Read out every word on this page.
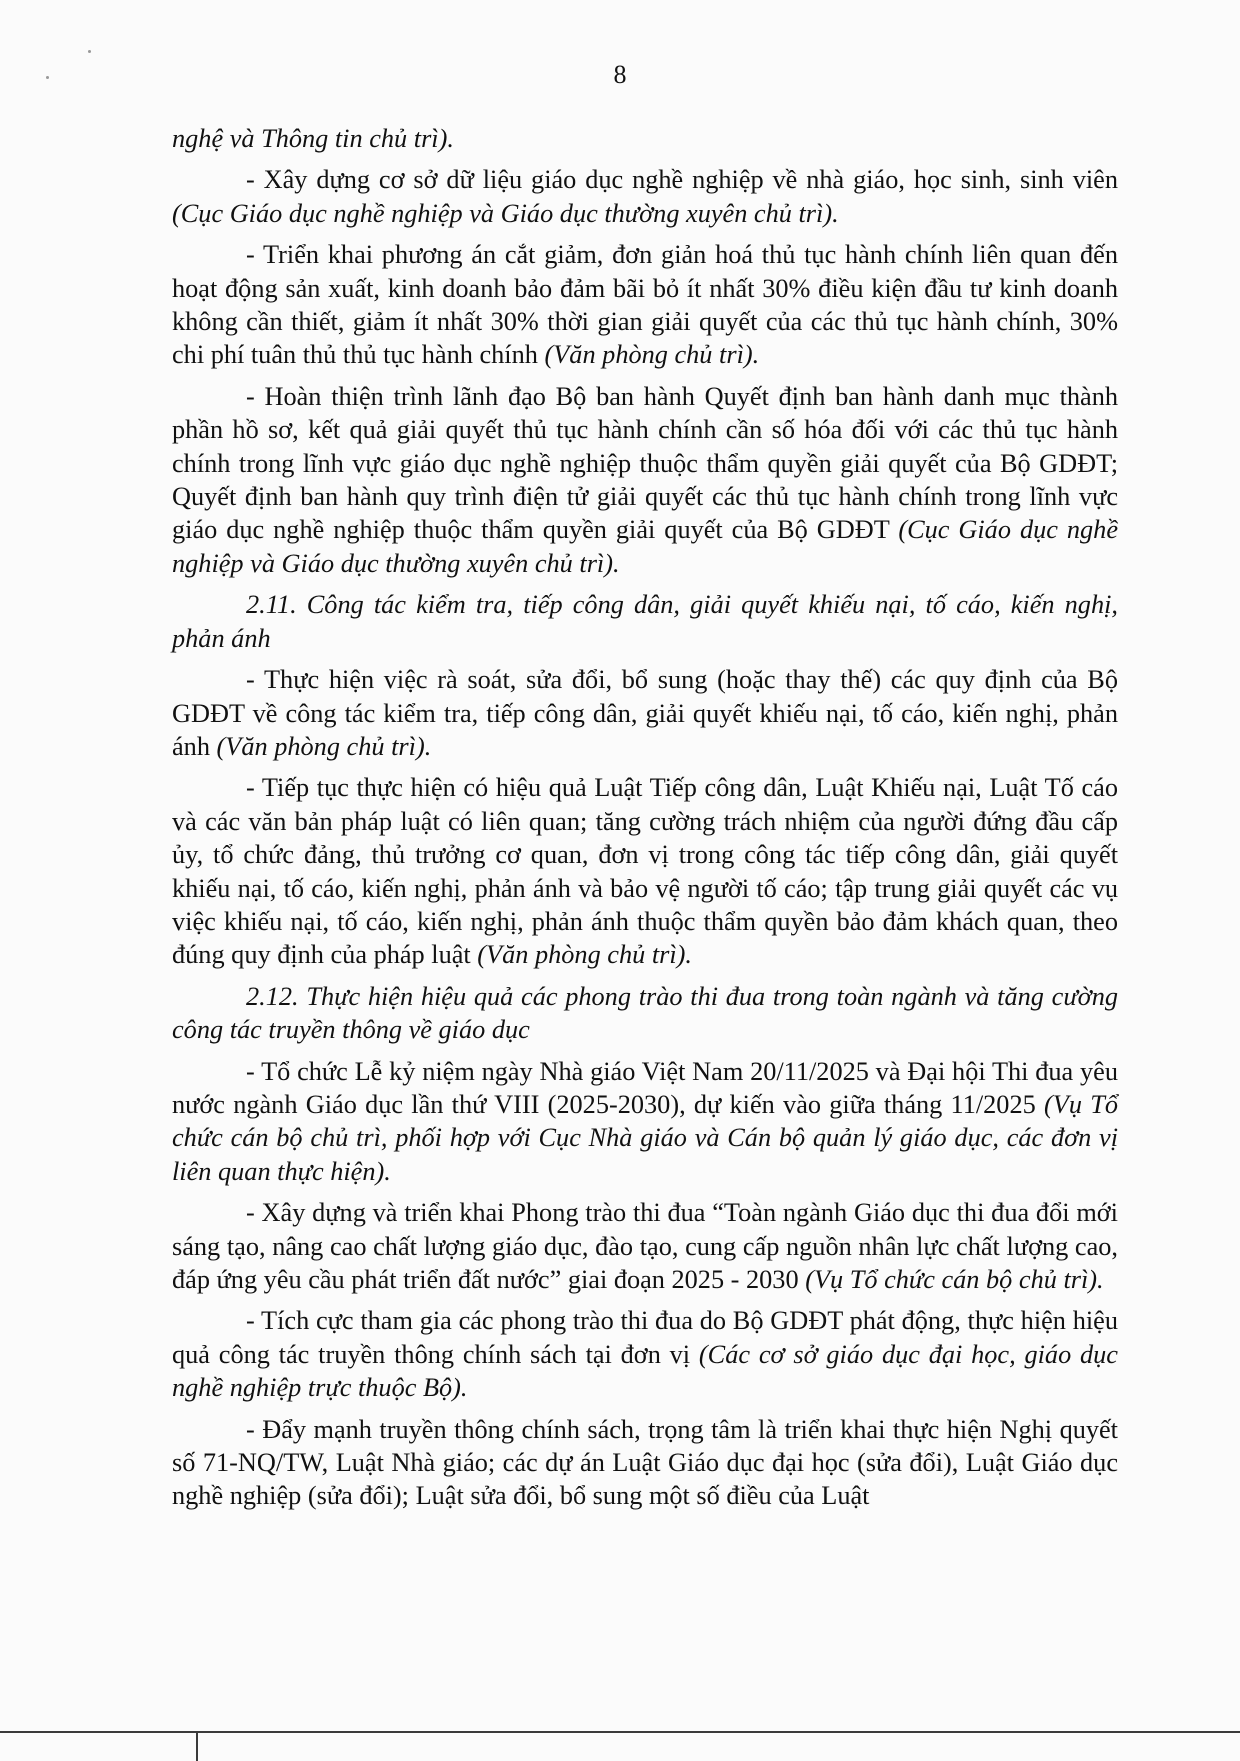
8

nghệ và Thông tin chủ trì).

- Xây dựng cơ sở dữ liệu giáo dục nghề nghiệp về nhà giáo, học sinh, sinh viên (Cục Giáo dục nghề nghiệp và Giáo dục thường xuyên chủ trì).

- Triển khai phương án cắt giảm, đơn giản hoá thủ tục hành chính liên quan đến hoạt động sản xuất, kinh doanh bảo đảm bãi bỏ ít nhất 30% điều kiện đầu tư kinh doanh không cần thiết, giảm ít nhất 30% thời gian giải quyết của các thủ tục hành chính, 30% chi phí tuân thủ thủ tục hành chính (Văn phòng chủ trì).

- Hoàn thiện trình lãnh đạo Bộ ban hành Quyết định ban hành danh mục thành phần hồ sơ, kết quả giải quyết thủ tục hành chính cần số hóa đối với các thủ tục hành chính trong lĩnh vực giáo dục nghề nghiệp thuộc thẩm quyền giải quyết của Bộ GDĐT; Quyết định ban hành quy trình điện tử giải quyết các thủ tục hành chính trong lĩnh vực giáo dục nghề nghiệp thuộc thẩm quyền giải quyết của Bộ GDĐT (Cục Giáo dục nghề nghiệp và Giáo dục thường xuyên chủ trì).

2.11. Công tác kiểm tra, tiếp công dân, giải quyết khiếu nại, tố cáo, kiến nghị, phản ánh

- Thực hiện việc rà soát, sửa đổi, bổ sung (hoặc thay thế) các quy định của Bộ GDĐT về công tác kiểm tra, tiếp công dân, giải quyết khiếu nại, tố cáo, kiến nghị, phản ánh (Văn phòng chủ trì).

- Tiếp tục thực hiện có hiệu quả Luật Tiếp công dân, Luật Khiếu nại, Luật Tố cáo và các văn bản pháp luật có liên quan; tăng cường trách nhiệm của người đứng đầu cấp ủy, tổ chức đảng, thủ trưởng cơ quan, đơn vị trong công tác tiếp công dân, giải quyết khiếu nại, tố cáo, kiến nghị, phản ánh và bảo vệ người tố cáo; tập trung giải quyết các vụ việc khiếu nại, tố cáo, kiến nghị, phản ánh thuộc thẩm quyền bảo đảm khách quan, theo đúng quy định của pháp luật (Văn phòng chủ trì).

2.12. Thực hiện hiệu quả các phong trào thi đua trong toàn ngành và tăng cường công tác truyền thông về giáo dục

- Tổ chức Lễ kỷ niệm ngày Nhà giáo Việt Nam 20/11/2025 và Đại hội Thi đua yêu nước ngành Giáo dục lần thứ VIII (2025-2030), dự kiến vào giữa tháng 11/2025 (Vụ Tổ chức cán bộ chủ trì, phối hợp với Cục Nhà giáo và Cán bộ quản lý giáo dục, các đơn vị liên quan thực hiện).

- Xây dựng và triển khai Phong trào thi đua “Toàn ngành Giáo dục thi đua đổi mới sáng tạo, nâng cao chất lượng giáo dục, đào tạo, cung cấp nguồn nhân lực chất lượng cao, đáp ứng yêu cầu phát triển đất nước” giai đoạn 2025 - 2030 (Vụ Tổ chức cán bộ chủ trì).

- Tích cực tham gia các phong trào thi đua do Bộ GDĐT phát động, thực hiện hiệu quả công tác truyền thông chính sách tại đơn vị (Các cơ sở giáo dục đại học, giáo dục nghề nghiệp trực thuộc Bộ).

- Đẩy mạnh truyền thông chính sách, trọng tâm là triển khai thực hiện Nghị quyết số 71-NQ/TW, Luật Nhà giáo; các dự án Luật Giáo dục đại học (sửa đổi), Luật Giáo dục nghề nghiệp (sửa đổi); Luật sửa đổi, bổ sung một số điều của Luật
